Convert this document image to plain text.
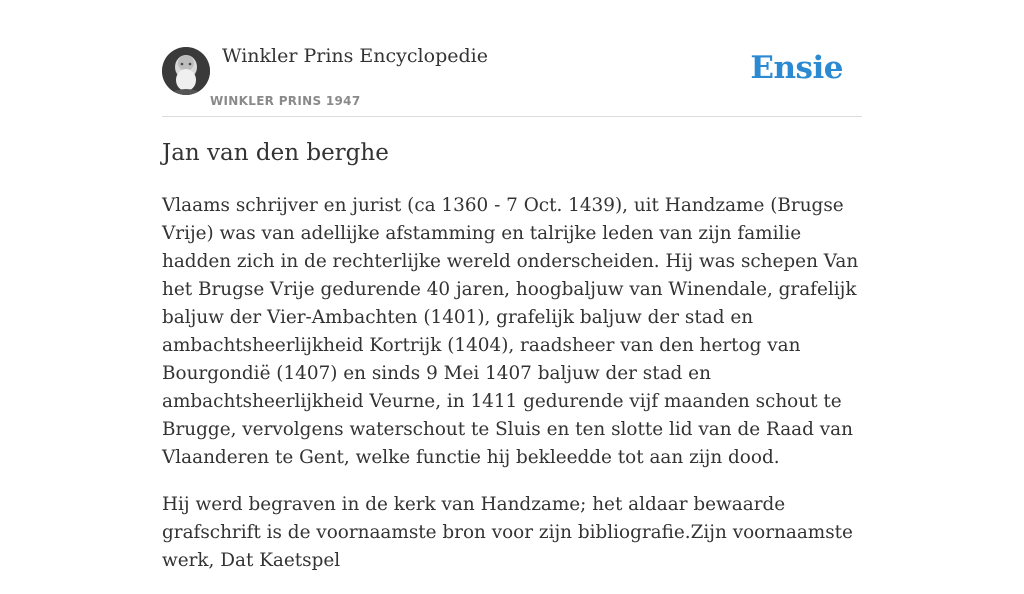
Winkler Prins Encyclopedie
WINKLER PRINS 1947
Ensie
Jan van den berghe

Vlaams schrijver en jurist (ca 1360 - 7 Oct. 1439), uit Handzame (Brugse Vrije) was van adellijke afstamming en talrijke leden van zijn familie hadden zich in de rechterlijke wereld onderscheiden. Hij was schepen Van het Brugse Vrije gedurende 40 jaren, hoogbaljuw van Winendale, grafelijk baljuw der Vier-Ambachten (1401), grafelijk baljuw der stad en ambachtsheerlijkheid Kortrijk (1404), raadsheer van den hertog van Bourgondië (1407) en sinds 9 Mei 1407 baljuw der stad en ambachtsheerlijkheid Veurne, in 1411 gedurende vijf maanden schout te Brugge, vervolgens waterschout te Sluis en ten slotte lid van de Raad van Vlaanderen te Gent, welke functie hij bekleedde tot aan zijn dood.

Hij werd begraven in de kerk van Handzame; het aldaar bewaarde grafschrift is de voornaamste bron voor zijn bibliografie.Zijn voornaamste werk, Dat Kaetspel
